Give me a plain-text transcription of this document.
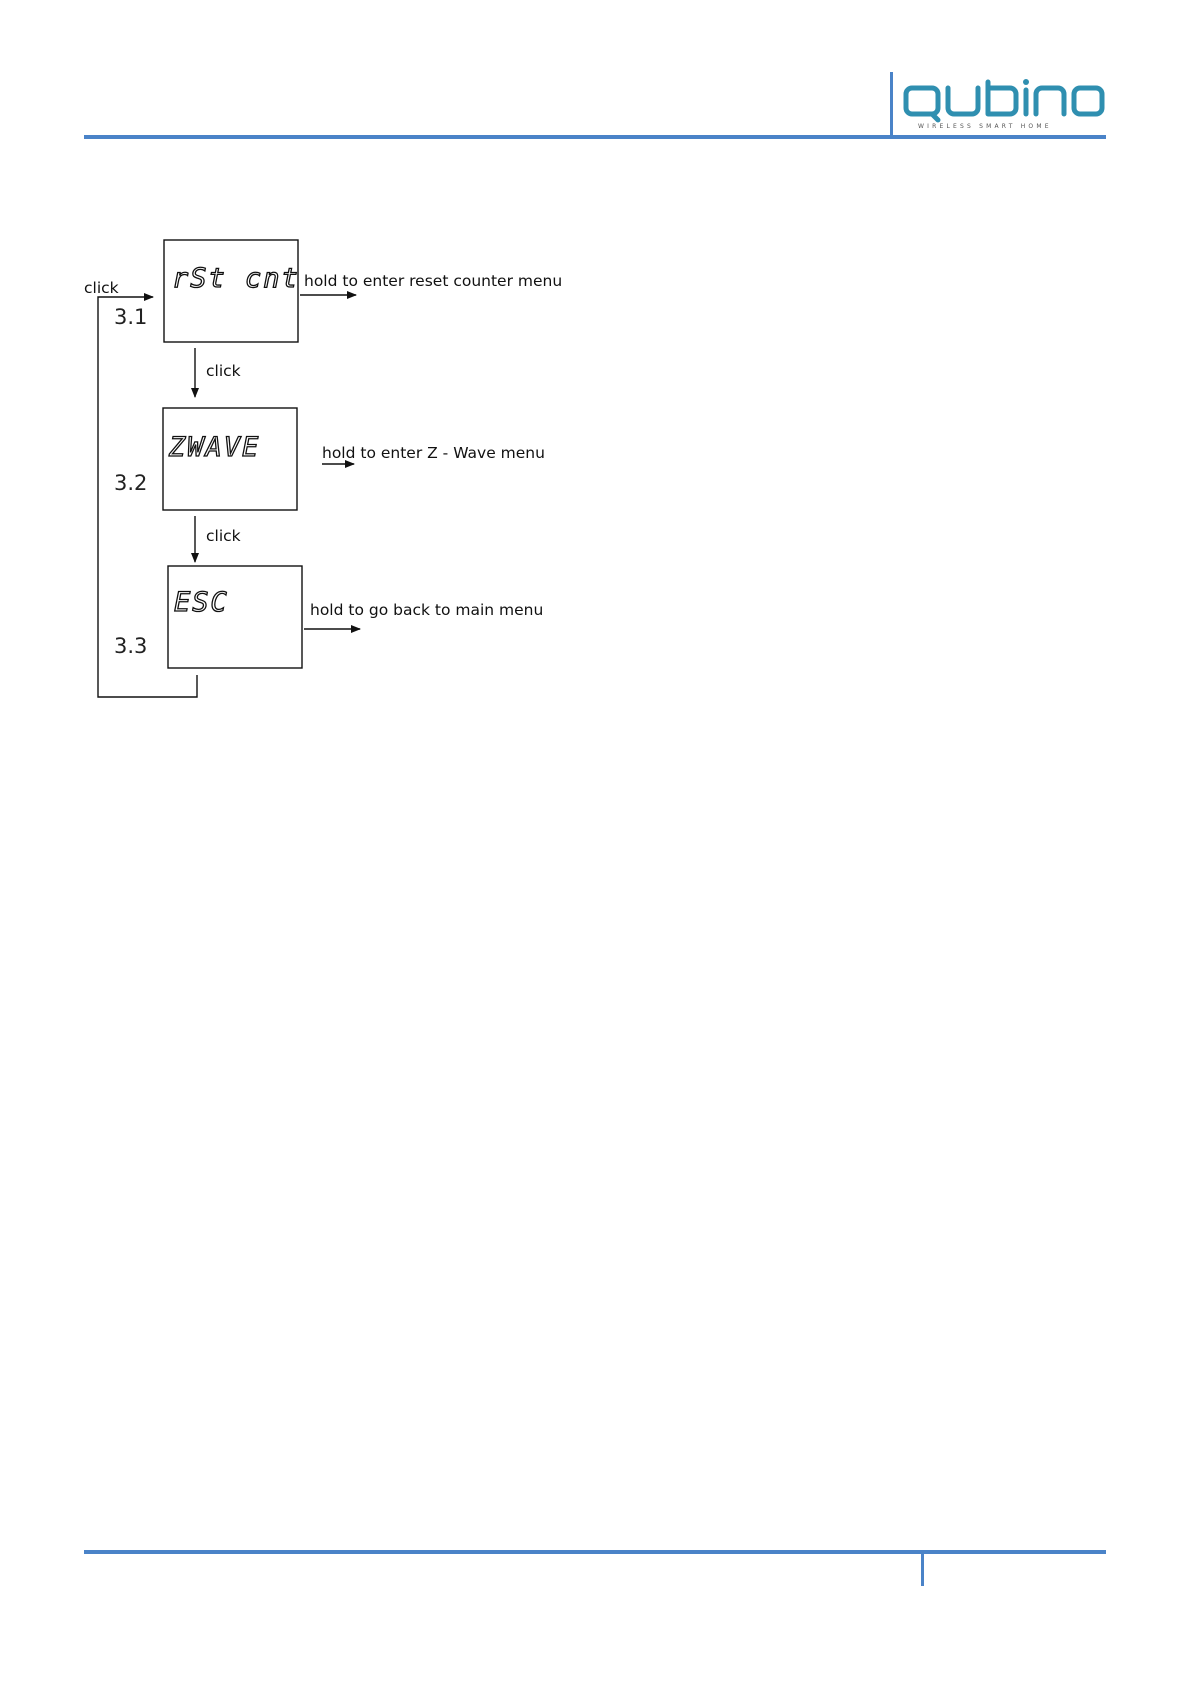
WIRELESS SMART HOME
qubino
click rSt cnt
3.1
hold to enter reset counter menu
click
ZWAVE
3.2
hold to enter Z - Wave menu
click
ESC
3.3
hold to go back to main menu
